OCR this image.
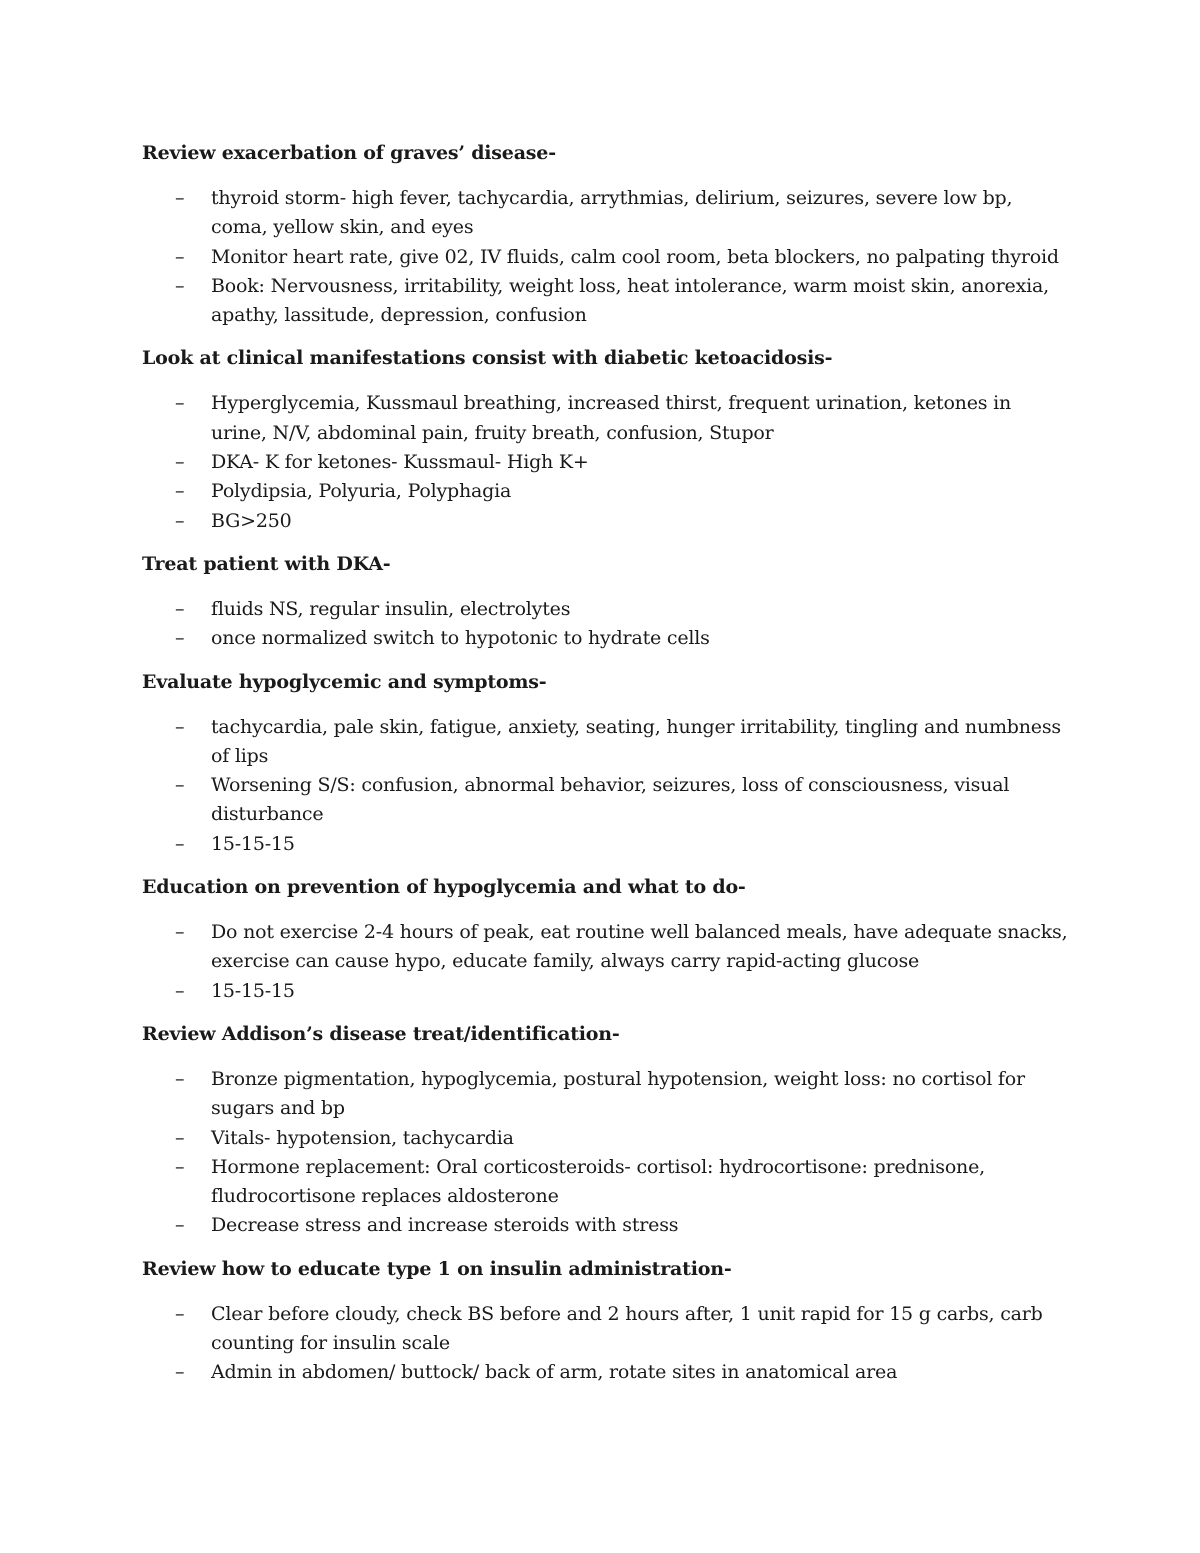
Review exacerbation of graves’ disease-
– thyroid storm- high fever, tachycardia, arrythmias, delirium, seizures, severe low bp, coma, yellow skin, and eyes
– Monitor heart rate, give 02, IV fluids, calm cool room, beta blockers, no palpating thyroid
– Book: Nervousness, irritability, weight loss, heat intolerance, warm moist skin, anorexia, apathy, lassitude, depression, confusion
Look at clinical manifestations consist with diabetic ketoacidosis-
– Hyperglycemia, Kussmaul breathing, increased thirst, frequent urination, ketones in urine, N/V, abdominal pain, fruity breath, confusion, Stupor
– DKA- K for ketones- Kussmaul- High K+
– Polydipsia, Polyuria, Polyphagia
– BG>250
Treat patient with DKA-
– fluids NS, regular insulin, electrolytes
– once normalized switch to hypotonic to hydrate cells
Evaluate hypoglycemic and symptoms-
– tachycardia, pale skin, fatigue, anxiety, seating, hunger irritability, tingling and numbness of lips
– Worsening S/S: confusion, abnormal behavior, seizures, loss of consciousness, visual disturbance
– 15-15-15
Education on prevention of hypoglycemia and what to do-
– Do not exercise 2-4 hours of peak, eat routine well balanced meals, have adequate snacks, exercise can cause hypo, educate family, always carry rapid-acting glucose
– 15-15-15
Review Addison’s disease treat/identification-
– Bronze pigmentation, hypoglycemia, postural hypotension, weight loss: no cortisol for sugars and bp
– Vitals- hypotension, tachycardia
– Hormone replacement: Oral corticosteroids- cortisol: hydrocortisone: prednisone, fludrocortisone replaces aldosterone
– Decrease stress and increase steroids with stress
Review how to educate type 1 on insulin administration-
– Clear before cloudy, check BS before and 2 hours after, 1 unit rapid for 15 g carbs, carb counting for insulin scale
– Admin in abdomen/ buttock/ back of arm, rotate sites in anatomical area
